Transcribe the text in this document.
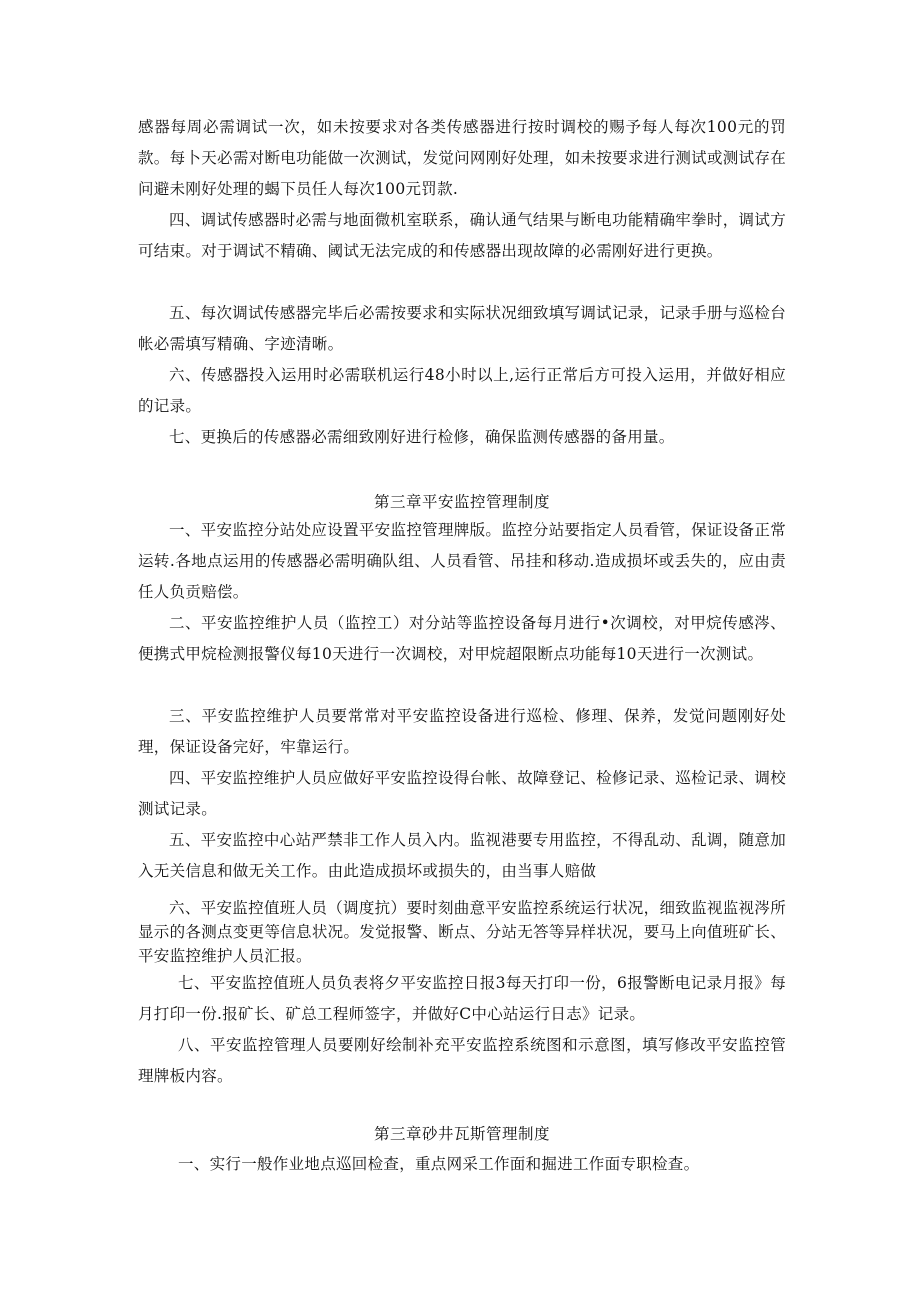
感器每周必需调试一次，如未按要求对各类传感器进行按时调校的赐予每人每次100元的罚款。每卜天必需对断电功能做一次测试，发觉问网刚好处理，如未按要求进行测试或测试存在问避未刚好处理的蝎下员任人每次100元罚款.

四、调试传感器时必需与地面微机室联系，确认通气结果与断电功能精确牢拳时，调试方可结束。对于调试不精确、阈试无法完成的和传感器出现故障的必需刚好进行更换。

五、每次调试传感器完毕后必需按要求和实际状况细致填写调试记录，记录手册与巡检台帐必需填写精确、字迹清晰。

六、传感器投入运用时必需联机运行48小时以上,运行正常后方可投入运用，并做好相应的记录。

七、更换后的传感器必需细致刚好进行检修，确保监测传感器的备用量。

第三章平安监控管理制度

一、平安监控分站处应设置平安监控管理牌版。监控分站要指定人员看管，保证设备正常运转.各地点运用的传感器必需明确队组、人员看管、吊挂和移动.造成损坏或丢失的，应由责任人负贡赔偿。

二、平安监控维护人员（监控工）对分站等监控设备每月进行•次调校，对甲烷传感涔、便携式甲烷检测报警仪每10天进行一次调校，对甲烷超限断点功能每10天进行一次测试。

三、平安监控维护人员要常常对平安监控设备进行巡检、修理、保养，发觉问题刚好处理，保证设备完好，牢靠运行。

四、平安监控维护人员应做好平安监控设得台帐、故障登记、检修记录、巡检记录、调校测试记录。

五、平安监控中心站严禁非工作人员入内。监视港要专用监控，不得乱动、乱调，随意加入无关信息和做无关工作。由此造成损坏或损失的，由当事人赔做

六、平安监控值班人员（调度抗）要时刻曲意平安监控系统运行状况，细致监视监视涔所显示的各测点变更等信息状况。发觉报警、断点、分站无答等异样状况，要马上向值班矿长、平安监控维护人员汇报。

七、平安监控值班人员负表将夕平安监控日报3每天打印一份，6报警断电记录月报》每月打印一份.报矿长、矿总工程师签字，并做好C中心站运行日志》记录。

八、平安监控管理人员要刚好绘制补充平安监控系统图和示意图，填写修改平安监控管理牌板内容。

第三章砂井瓦斯管理制度

一、实行一般作业地点巡回检查，重点网采工作面和掘进工作面专职检查。
